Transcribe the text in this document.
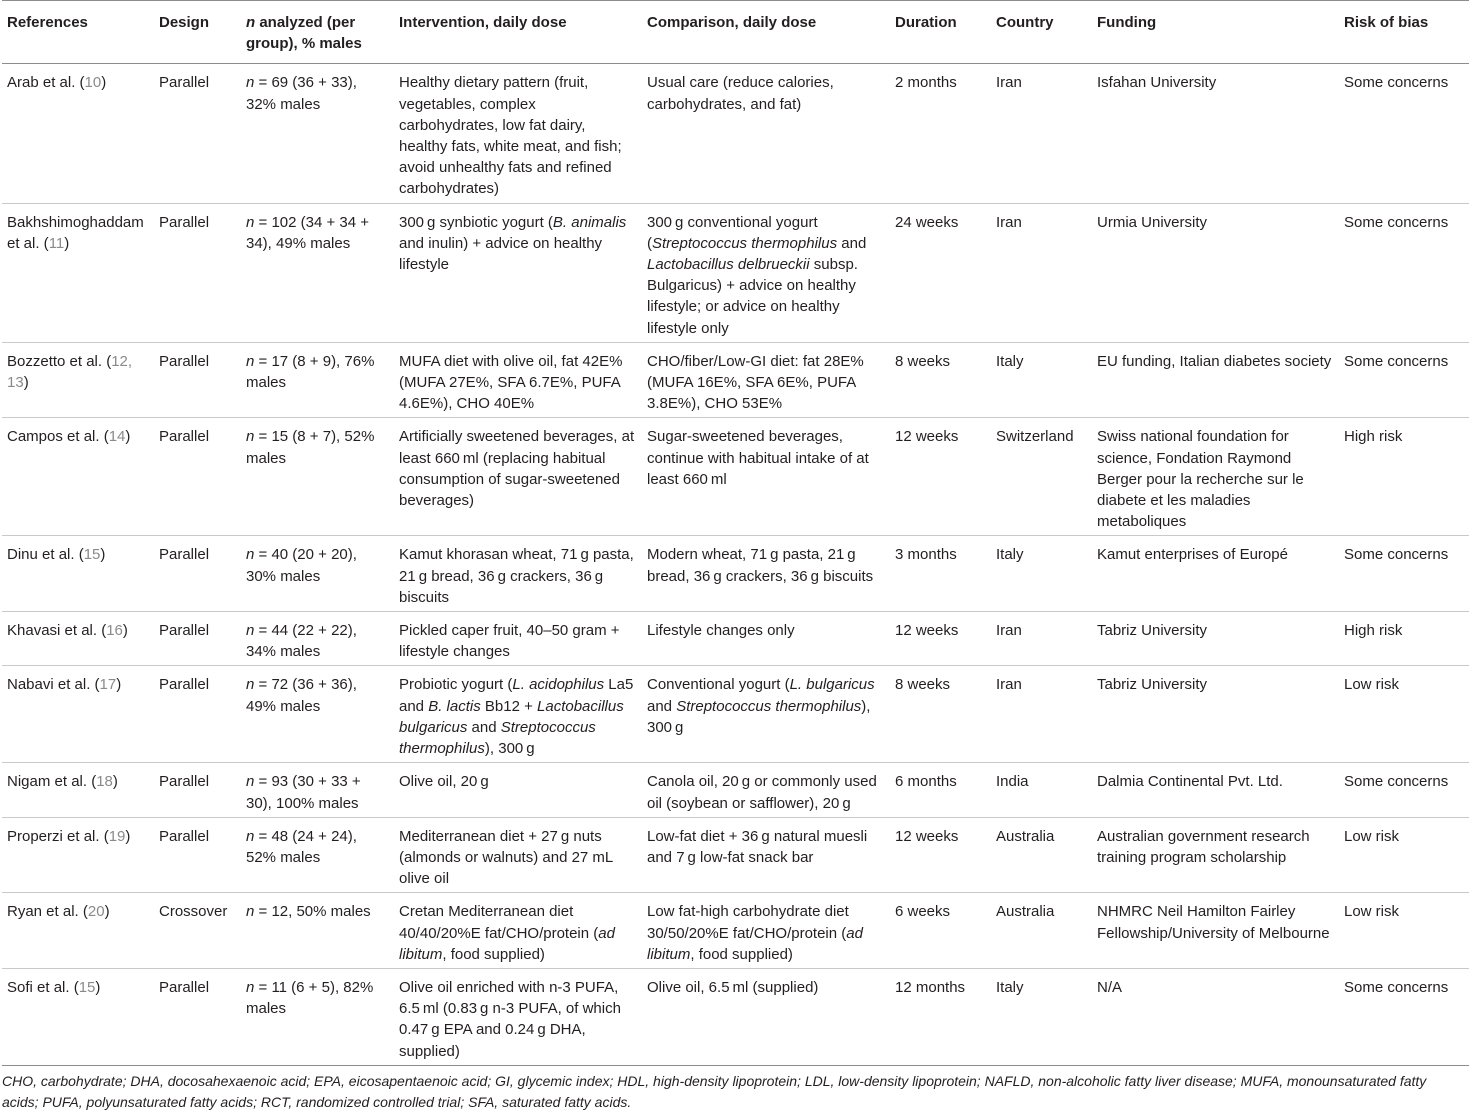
References	Design	n analyzed (per group), % males	Intervention, daily dose	Comparison, daily dose	Duration	Country	Funding	Risk of bias
Arab et al. (10)	Parallel	n = 69 (36 + 33), 32% males	Healthy dietary pattern (fruit, vegetables, complex carbohydrates, low fat dairy, healthy fats, white meat, and fish; avoid unhealthy fats and refined carbohydrates)	Usual care (reduce calories, carbohydrates, and fat)	2 months	Iran	Isfahan University	Some concerns
Bakhshimoghaddam et al. (11)	Parallel	n = 102 (34 + 34 + 34), 49% males	300 g synbiotic yogurt (B. animalis and inulin) + advice on healthy lifestyle	300 g conventional yogurt (Streptococcus thermophilus and Lactobacillus delbrueckii subsp. Bulgaricus) + advice on healthy lifestyle; or advice on healthy lifestyle only	24 weeks	Iran	Urmia University	Some concerns
Bozzetto et al. (12, 13)	Parallel	n = 17 (8 + 9), 76% males	MUFA diet with olive oil, fat 42E% (MUFA 27E%, SFA 6.7E%, PUFA 4.6E%), CHO 40E%	CHO/fiber/Low-GI diet: fat 28E% (MUFA 16E%, SFA 6E%, PUFA 3.8E%), CHO 53E%	8 weeks	Italy	EU funding, Italian diabetes society	Some concerns
Campos et al. (14)	Parallel	n = 15 (8 + 7), 52% males	Artificially sweetened beverages, at least 660 ml (replacing habitual consumption of sugar-sweetened beverages)	Sugar-sweetened beverages, continue with habitual intake of at least 660 ml	12 weeks	Switzerland	Swiss national foundation for science, Fondation Raymond Berger pour la recherche sur le diabete et les maladies metaboliques	High risk
Dinu et al. (15)	Parallel	n = 40 (20 + 20), 30% males	Kamut khorasan wheat, 71 g pasta, 21 g bread, 36 g crackers, 36 g biscuits	Modern wheat, 71 g pasta, 21 g bread, 36 g crackers, 36 g biscuits	3 months	Italy	Kamut enterprises of Europé	Some concerns
Khavasi et al. (16)	Parallel	n = 44 (22 + 22), 34% males	Pickled caper fruit, 40–50 gram + lifestyle changes	Lifestyle changes only	12 weeks	Iran	Tabriz University	High risk
Nabavi et al. (17)	Parallel	n = 72 (36 + 36), 49% males	Probiotic yogurt (L. acidophilus La5 and B. lactis Bb12 + Lactobacillus bulgaricus and Streptococcus thermophilus), 300 g	Conventional yogurt (L. bulgaricus and Streptococcus thermophilus), 300 g	8 weeks	Iran	Tabriz University	Low risk
Nigam et al. (18)	Parallel	n = 93 (30 + 33 + 30), 100% males	Olive oil, 20 g	Canola oil, 20 g or commonly used oil (soybean or safflower), 20 g	6 months	India	Dalmia Continental Pvt. Ltd.	Some concerns
Properzi et al. (19)	Parallel	n = 48 (24 + 24), 52% males	Mediterranean diet + 27 g nuts (almonds or walnuts) and 27 mL olive oil	Low-fat diet + 36 g natural muesli and 7 g low-fat snack bar	12 weeks	Australia	Australian government research training program scholarship	Low risk
Ryan et al. (20)	Crossover	n = 12, 50% males	Cretan Mediterranean diet 40/40/20%E fat/CHO/protein (ad libitum, food supplied)	Low fat-high carbohydrate diet 30/50/20%E fat/CHO/protein (ad libitum, food supplied)	6 weeks	Australia	NHMRC Neil Hamilton Fairley Fellowship/University of Melbourne	Low risk
Sofi et al. (15)	Parallel	n = 11 (6 + 5), 82% males	Olive oil enriched with n-3 PUFA, 6.5 ml (0.83 g n-3 PUFA, of which 0.47 g EPA and 0.24 g DHA, supplied)	Olive oil, 6.5 ml (supplied)	12 months	Italy	N/A	Some concerns

CHO, carbohydrate; DHA, docosahexaenoic acid; EPA, eicosapentaenoic acid; GI, glycemic index; HDL, high-density lipoprotein; LDL, low-density lipoprotein; NAFLD, non-alcoholic fatty liver disease; MUFA, monounsaturated fatty acids; PUFA, polyunsaturated fatty acids; RCT, randomized controlled trial; SFA, saturated fatty acids.
